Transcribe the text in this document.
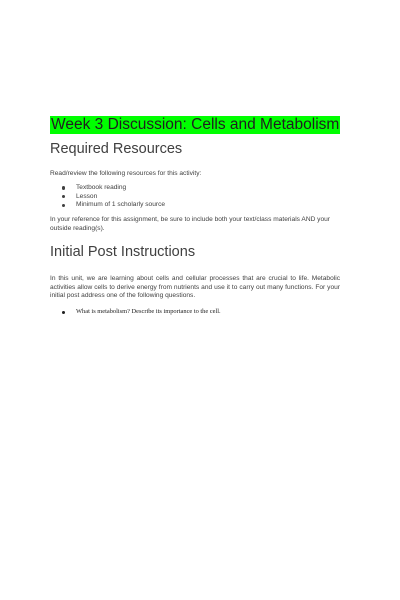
Week 3 Discussion: Cells and Metabolism
Required Resources

Read/review the following resources for this activity:

Textbook reading
Lesson
Minimum of 1 scholarly source

In your reference for this assignment, be sure to include both your text/class materials AND your outside reading(s).

Initial Post Instructions

In this unit, we are learning about cells and cellular processes that are crucial to life. Metabolic activities allow cells to derive energy from nutrients and use it to carry out many functions. For your initial post address one of the following questions.

What is metabolism? Describe its importance to the cell.
